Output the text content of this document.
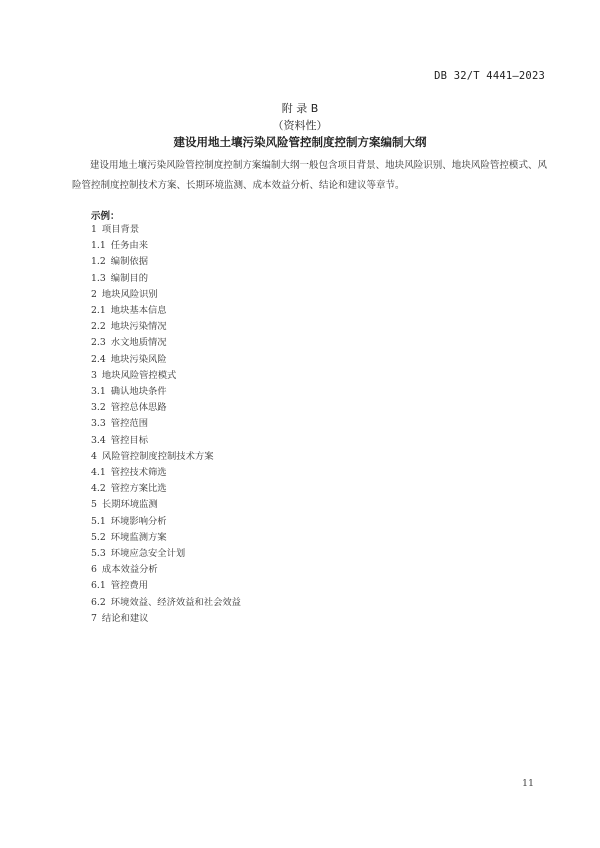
DB 32/T 4441—2023
附 录 B
（资料性）
建设用地土壤污染风险管控制度控制方案编制大纲
建设用地土壤污染风险管控制度控制方案编制大纲一般包含项目背景、地块风险识别、地块风险管控模式、风险管控制度控制技术方案、长期环境监测、成本效益分析、结论和建议等章节。
示例：
1 项目背景
1.1 任务由来
1.2 编制依据
1.3 编制目的
2 地块风险识别
2.1 地块基本信息
2.2 地块污染情况
2.3 水文地质情况
2.4 地块污染风险
3 地块风险管控模式
3.1 确认地块条件
3.2 管控总体思路
3.3 管控范围
3.4 管控目标
4 风险管控制度控制技术方案
4.1 管控技术筛选
4.2 管控方案比选
5 长期环境监测
5.1 环境影响分析
5.2 环境监测方案
5.3 环境应急安全计划
6 成本效益分析
6.1 管控费用
6.2 环境效益、经济效益和社会效益
7 结论和建议
11
